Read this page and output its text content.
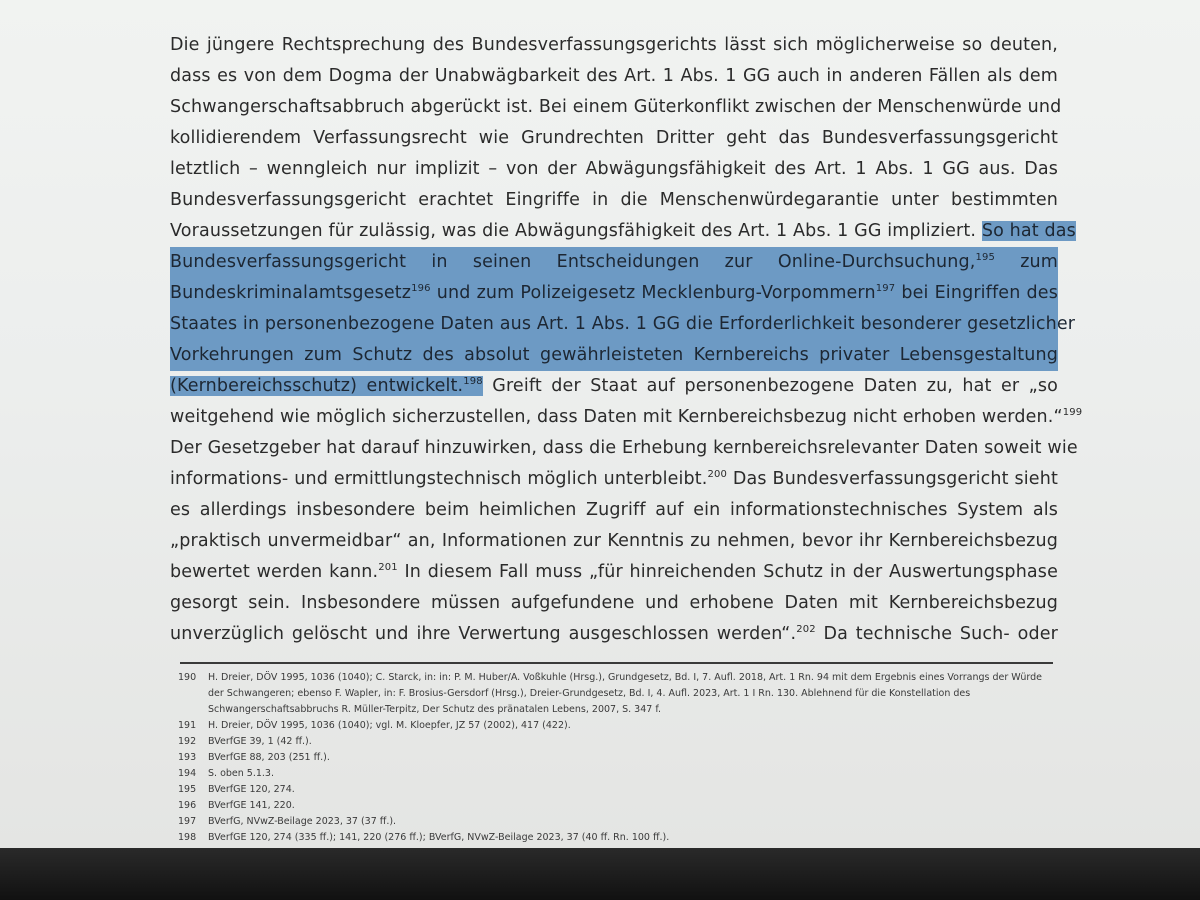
Die jüngere Rechtsprechung des Bundesverfassungsgerichts lässt sich möglicherweise so deuten,
dass es von dem Dogma der Unabwägbarkeit des Art. 1 Abs. 1 GG auch in anderen Fällen als dem
Schwangerschaftsabbruch abgerückt ist. Bei einem Güterkonflikt zwischen der Menschenwürde und
kollidierendem Verfassungsrecht wie Grundrechten Dritter geht das Bundesverfassungsgericht
letztlich – wenngleich nur implizit – von der Abwägungsfähigkeit des Art. 1 Abs. 1 GG aus. Das
Bundesverfassungsgericht erachtet Eingriffe in die Menschenwürdegarantie unter bestimmten
Voraussetzungen für zulässig, was die Abwägungsfähigkeit des Art. 1 Abs. 1 GG impliziert. So hat das
Bundesverfassungsgericht in seinen Entscheidungen zur Online-Durchsuchung,$^{195}$ zum
Bundeskriminalamtsgesetz$^{196}$ und zum Polizeigesetz Mecklenburg-Vorpommern$^{197}$ bei Eingriffen des
Staates in personenbezogene Daten aus Art. 1 Abs. 1 GG die Erforderlichkeit besonderer gesetzlicher
Vorkehrungen zum Schutz des absolut gewährleisteten Kernbereichs privater Lebensgestaltung
(Kernbereichsschutz) entwickelt.$^{198}$ Greift der Staat auf personenbezogene Daten zu, hat er „so
weitgehend wie möglich sicherzustellen, dass Daten mit Kernbereichsbezug nicht erhoben werden.“$^{199}$
Der Gesetzgeber hat darauf hinzuwirken, dass die Erhebung kernbereichsrelevanter Daten soweit wie
informations- und ermittlungstechnisch möglich unterbleibt.$^{200}$ Das Bundesverfassungsgericht sieht
es allerdings insbesondere beim heimlichen Zugriff auf ein informationstechnisches System als
„praktisch unvermeidbar“ an, Informationen zur Kenntnis zu nehmen, bevor ihr Kernbereichsbezug
bewertet werden kann.$^{201}$ In diesem Fall muss „für hinreichenden Schutz in der Auswertungsphase
gesorgt sein. Insbesondere müssen aufgefundene und erhobene Daten mit Kernbereichsbezug
unverzüglich gelöscht und ihre Verwertung ausgeschlossen werden“.$^{202}$ Da technische Such- oder
190	H. Dreier, DÖV 1995, 1036 (1040); C. Starck, in: in: P. M. Huber/A. Voßkuhle (Hrsg.), Grundgesetz, Bd. I, 7. Aufl. 2018, Art. 1 Rn. 94 mit dem Ergebnis eines Vorrangs der Würde der Schwangeren; ebenso F. Wapler, in: F. Brosius-Gersdorf (Hrsg.), Dreier-Grundgesetz, Bd. I, 4. Aufl. 2023, Art. 1 I Rn. 130. Ablehnend für die Konstellation des Schwangerschaftsabbruchs R. Müller-Terpitz, Der Schutz des pränatalen Lebens, 2007, S. 347 f.
191	H. Dreier, DÖV 1995, 1036 (1040); vgl. M. Kloepfer, JZ 57 (2002), 417 (422).
192	BVerfGE 39, 1 (42 ff.).
193	BVerfGE 88, 203 (251 ff.).
194	S. oben 5.1.3.
195	BVerfGE 120, 274.
196	BVerfGE 141, 220.
197	BVerfG, NVwZ-Beilage 2023, 37 (37 ff.).
198	BVerfGE 120, 274 (335 ff.); 141, 220 (276 ff.); BVerfG, NVwZ-Beilage 2023, 37 (40 ff. Rn. 100 ff.).
